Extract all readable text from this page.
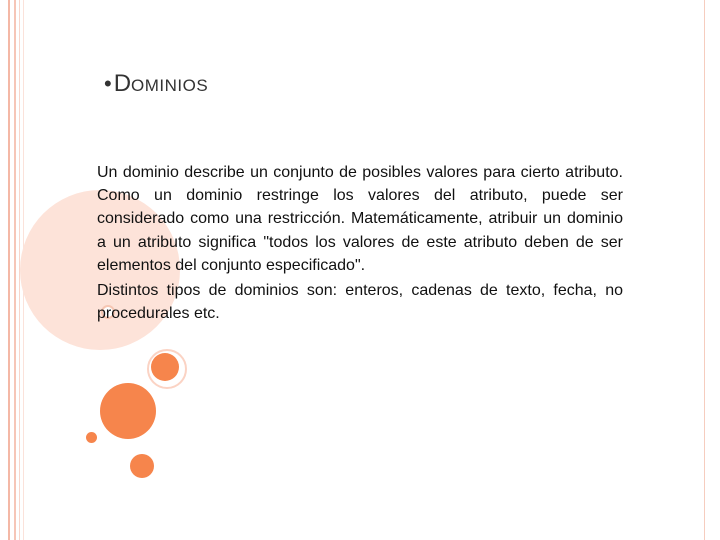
•DOMINIOS

Un dominio describe un conjunto de posibles valores para cierto atributo. Como un dominio restringe los valores del atributo, puede ser considerado como una restricción. Matemáticamente, atribuir un dominio a un atributo significa "todos los valores de este atributo deben de ser elementos del conjunto especificado".

Distintos tipos de dominios son: enteros, cadenas de texto, fecha, no procedurales etc.
